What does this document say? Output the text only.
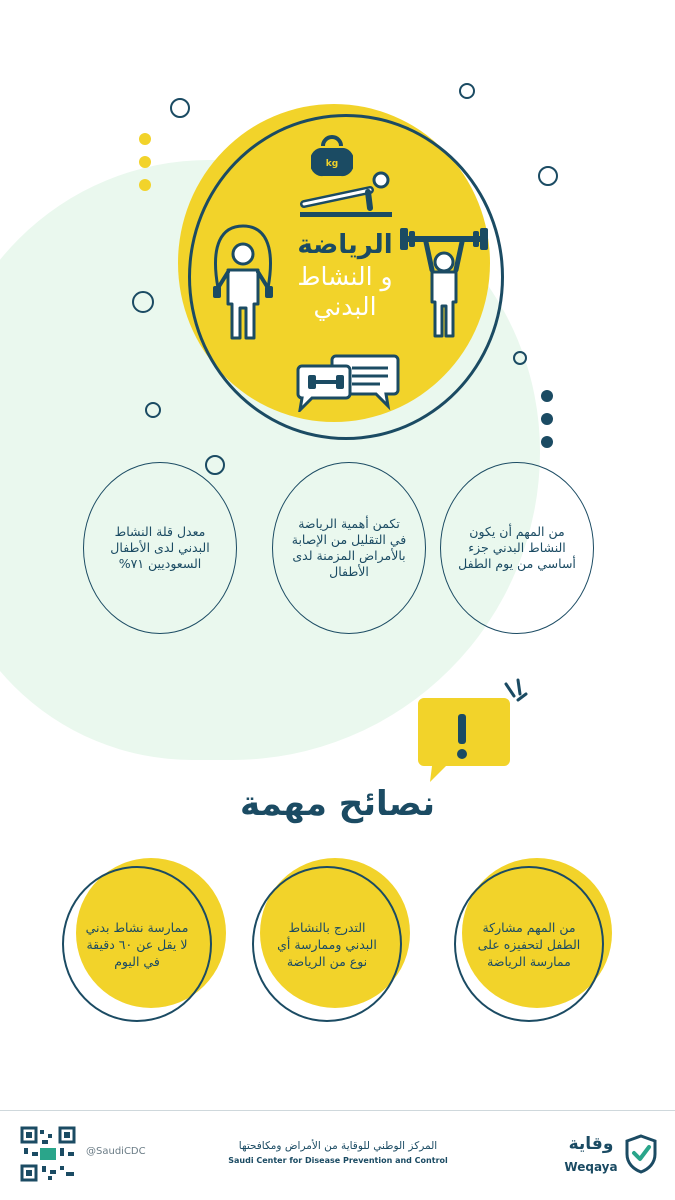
kg
الرياضة
و النشاط
البدني

من المهم أن يكون النشاط البدني جزء أساسي من يوم الطفل

تكمن أهمية الرياضة في التقليل من الإصابة بالأمراض المزمنة لدى الأطفال

معدل قلة النشاط البدني لدى الأطفال السعوديين ٧١%

نصائح مهمة

من المهم مشاركة الطفل لتحفيزه على ممارسة الرياضة

التدرج بالنشاط البدني وممارسة أي نوع من الرياضة

ممارسة نشاط بدني لا يقل عن ٦٠ دقيقة في اليوم

@SaudiCDC	المركز الوطني للوقاية من الأمراض ومكافحتها
Saudi Center for Disease Prevention and Control
وقاية
Weqaya
